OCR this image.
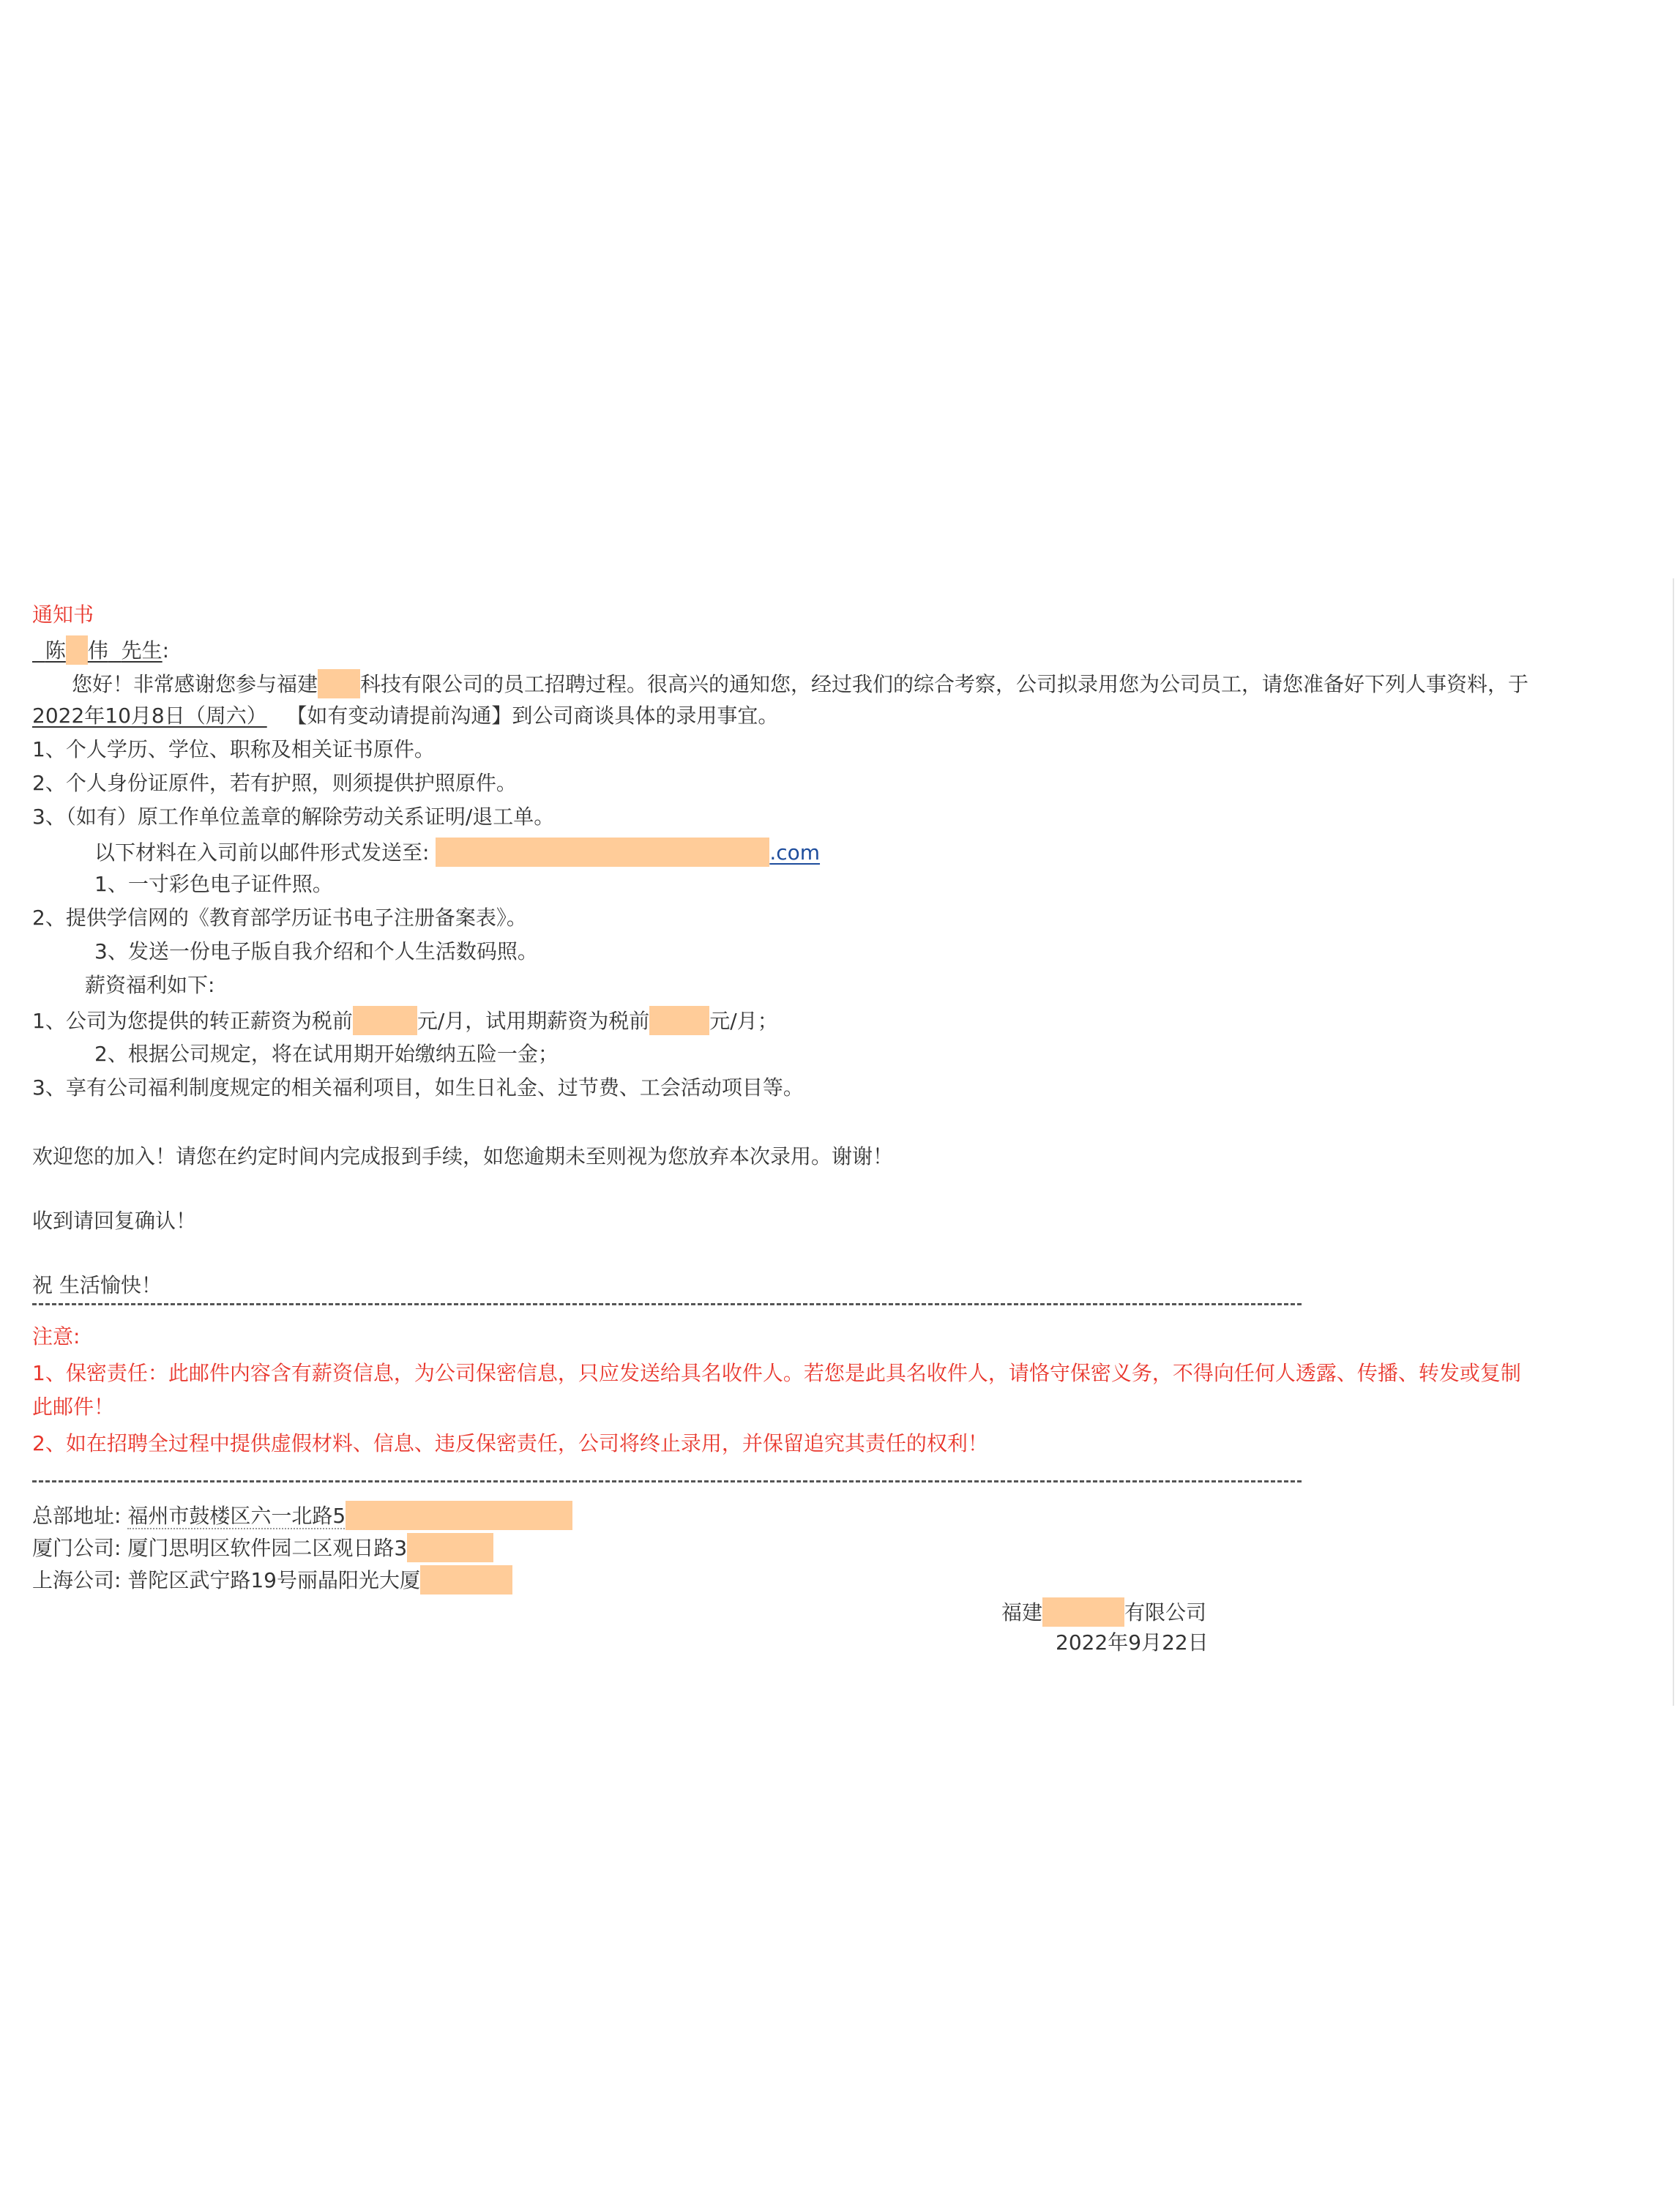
通知书
陈 伟 先生:
您好！非常感谢您参与福建 科技有限公司的员工招聘过程。很高兴的通知您，经过我们的综合考察，公司拟录用您为公司员工，请您准备好下列人事资料，于
2022年10月8日（周六） 【如有变动请提前沟通】到公司商谈具体的录用事宜。
1、个人学历、学位、职称及相关证书原件。
2、个人身份证原件，若有护照，则须提供护照原件。
3、（如有）原工作单位盖章的解除劳动关系证明/退工单。
以下材料在入司前以邮件形式发送至:	.com
1、一寸彩色电子证件照。
2、提供学信网的《教育部学历证书电子注册备案表》。
3、发送一份电子版自我介绍和个人生活数码照。
薪资福利如下:
1、公司为您提供的转正薪资为税前	元/月，试用期薪资为税前	元/月；
2、根据公司规定，将在试用期开始缴纳五险一金；
3、享有公司福利制度规定的相关福利项目，如生日礼金、过节费、工会活动项目等。
欢迎您的加入！请您在约定时间内完成报到手续，如您逾期未至则视为您放弃本次录用。谢谢！
收到请回复确认！
祝 生活愉快！
注意:
1、保密责任：此邮件内容含有薪资信息，为公司保密信息，只应发送给具名收件人。若您是此具名收件人，请恪守保密义务，不得向任何人透露、传播、转发或复制
此邮件！
2、如在招聘全过程中提供虚假材料、信息、违反保密责任，公司将终止录用，并保留追究其责任的权利！
总部地址: 福州市鼓楼区六一北路5
厦门公司: 厦门思明区软件园二区观日路3
上海公司: 普陀区武宁路19号丽晶阳光大厦
福建	有限公司
2022年9月22日
